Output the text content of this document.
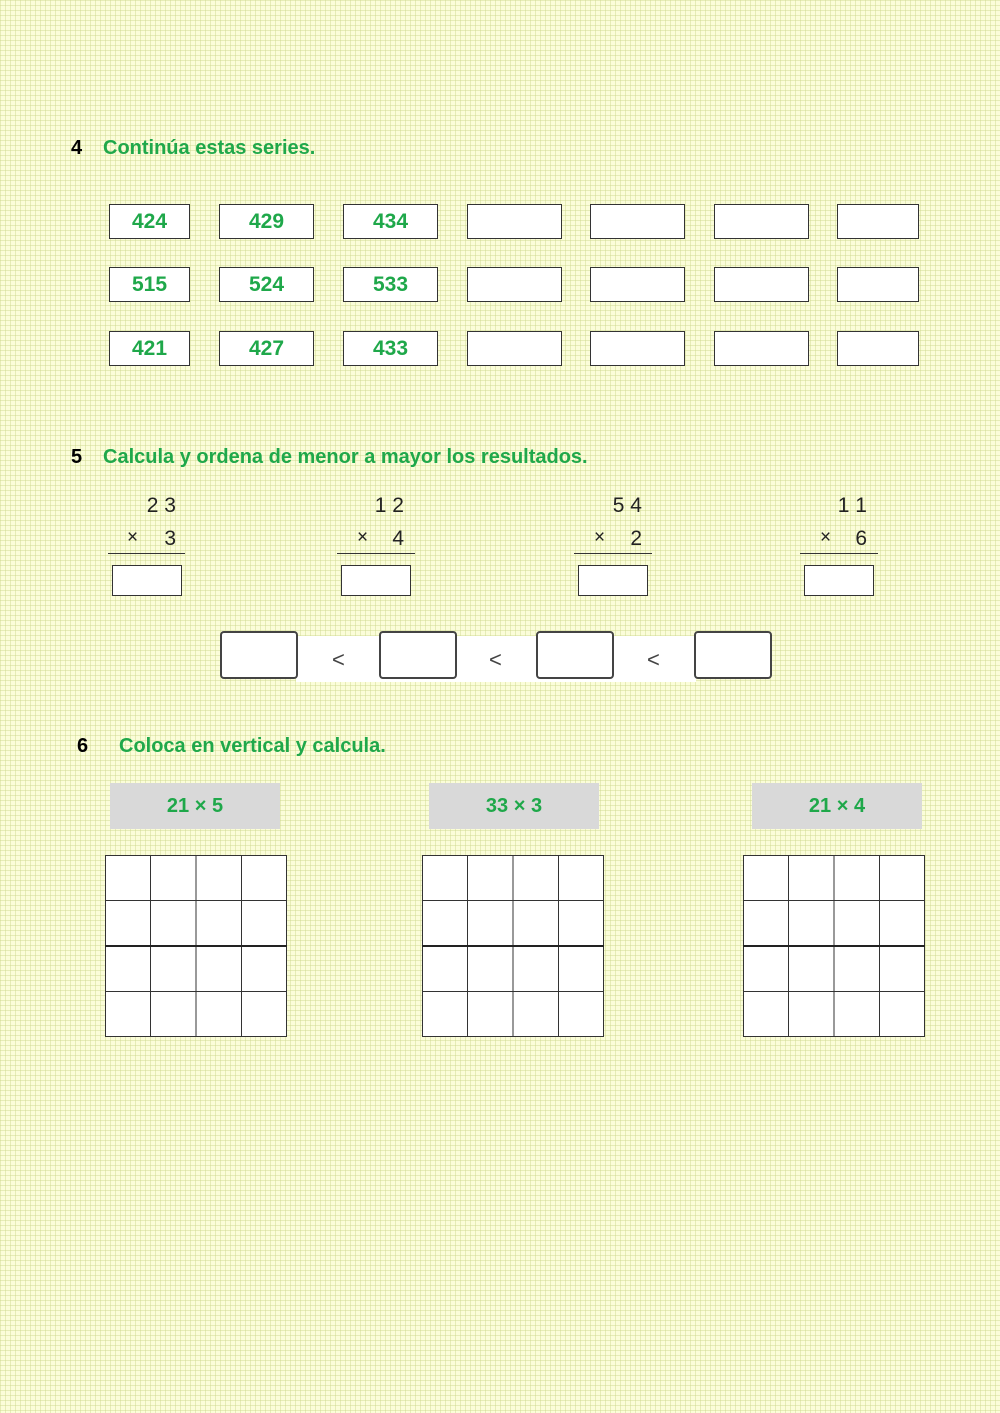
4 Continúa estas series.
424	429	434
515	524	533
421	427	433
5 Calcula y ordena de menor a mayor los resultados.
2 3
×	3
1 2
×	4
5 4
×	2
1 1
×	6
<	<	<
6 Coloca en vertical y calcula.
21 × 5	33 × 3	21 × 4
